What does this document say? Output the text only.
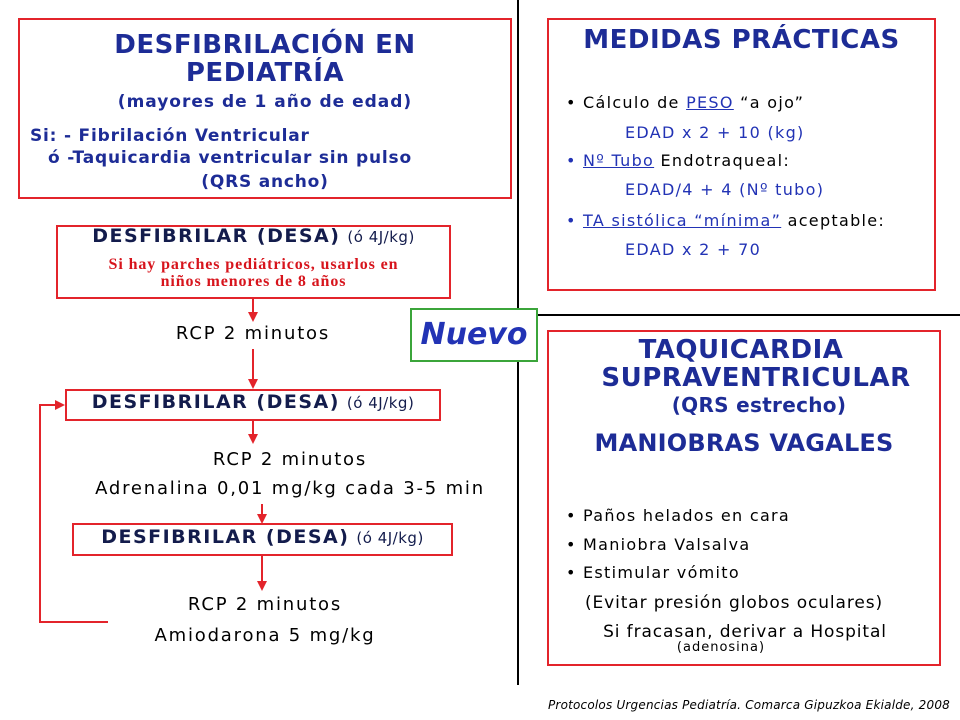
DESFIBRILACIÓN EN
PEDIATRÍA
(mayores de 1 año de edad)
Si: - Fibrilación Ventricular
ó -Taquicardia ventricular sin pulso
(QRS ancho)
DESFIBRILAR (DESA) (ó 4J/kg)
Si hay parches pediátricos, usarlos en
niños menores de 8 años
RCP 2 minutos
DESFIBRILAR (DESA) (ó 4J/kg)
RCP 2 minutos
Adrenalina 0,01 mg/kg cada 3-5 min
DESFIBRILAR (DESA) (ó 4J/kg)
RCP 2 minutos
Amiodarona 5 mg/kg
Nuevo
MEDIDAS PRÁCTICAS
•Cálculo de PESO “a ojo”
EDAD x 2 + 10 (kg)
•Nº Tubo Endotraqueal:
EDAD/4 + 4 (Nº tubo)
•TA sistólica “mínima” aceptable:
EDAD x 2 + 70
TAQUICARDIA
SUPRAVENTRICULAR
(QRS estrecho)
MANIOBRAS VAGALES
•Paños helados en cara
•Maniobra Valsalva
•Estimular vómito
(Evitar presión globos oculares)
Si fracasan, derivar a Hospital
(adenosina)
Protocolos Urgencias Pediatría. Comarca Gipuzkoa Ekialde, 2008
